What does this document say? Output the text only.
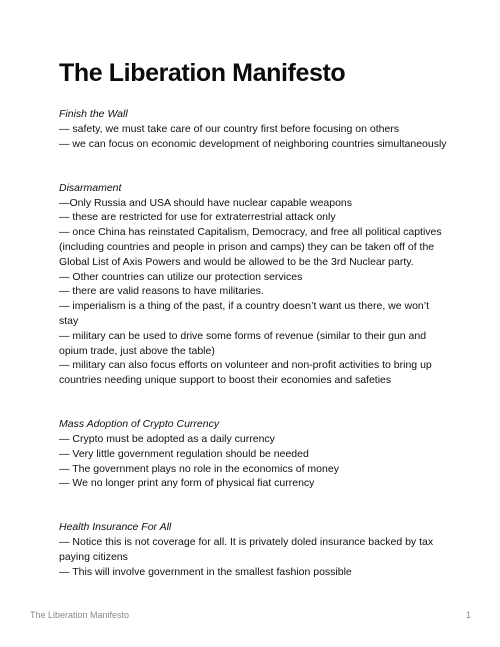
The Liberation Manifesto

Finish the Wall

— safety, we must take care of our country first before focusing on others

— we can focus on economic development of neighboring countries simultaneously

Disarmament

—Only Russia and USA should have nuclear capable weapons

— these are restricted for use for extraterrestrial attack only

— once China has reinstated Capitalism, Democracy, and free all political captives (including countries and people in prison and camps) they can be taken off of the Global List of Axis Powers and would be allowed to be the 3rd Nuclear party.

— Other countries can utilize our protection services

— there are valid reasons to have militaries.

— imperialism is a thing of the past, if a country doesn’t want us there, we won’t stay

— military can be used to drive some forms of revenue (similar to their gun and opium trade, just above the table)

— military can also focus efforts on volunteer and non-profit activities to bring up countries needing unique support to boost their economies and safeties

Mass Adoption of Crypto Currency

— Crypto must be adopted as a daily currency

— Very little government regulation should be needed

— The government plays no role in the economics of money

— We no longer print any form of physical fiat currency

Health Insurance For All

— Notice this is not coverage for all. It is privately doled insurance backed by tax paying citizens

— This will involve government in the smallest fashion possible

The Liberation Manifesto	1
